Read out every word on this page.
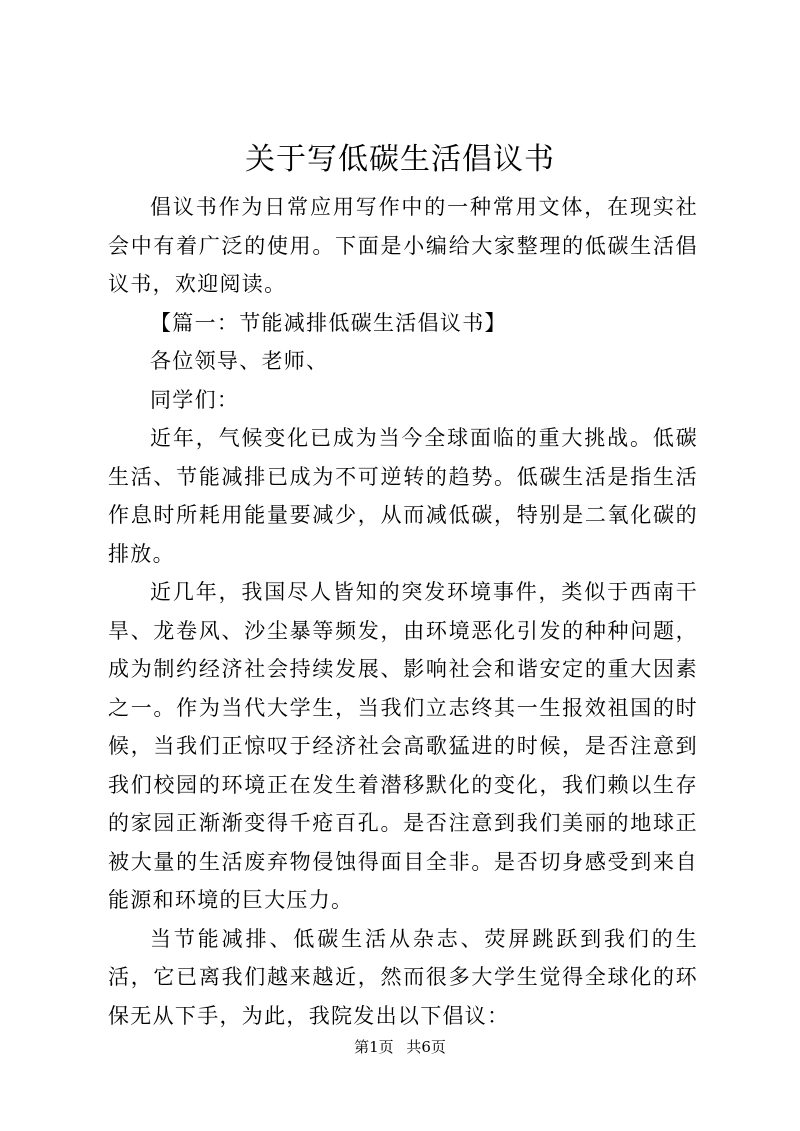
关于写低碳生活倡议书

倡议书作为日常应用写作中的一种常用文体，在现实社会中有着广泛的使用。下面是小编给大家整理的低碳生活倡议书，欢迎阅读。

【篇一：节能减排低碳生活倡议书】

各位领导、老师、

同学们：

近年，气候变化已成为当今全球面临的重大挑战。低碳生活、节能减排已成为不可逆转的趋势。低碳生活是指生活作息时所耗用能量要减少，从而减低碳，特别是二氧化碳的排放。

近几年，我国尽人皆知的突发环境事件，类似于西南干旱、龙卷风、沙尘暴等频发，由环境恶化引发的种种问题，成为制约经济社会持续发展、影响社会和谐安定的重大因素之一。作为当代大学生，当我们立志终其一生报效祖国的时候，当我们正惊叹于经济社会高歌猛进的时候，是否注意到我们校园的环境正在发生着潜移默化的变化，我们赖以生存的家园正渐渐变得千疮百孔。是否注意到我们美丽的地球正被大量的生活废弃物侵蚀得面目全非。是否切身感受到来自能源和环境的巨大压力。

当节能减排、低碳生活从杂志、荧屏跳跃到我们的生活，它已离我们越来越近，然而很多大学生觉得全球化的环保无从下手，为此，我院发出以下倡议：

第1页 共6页
